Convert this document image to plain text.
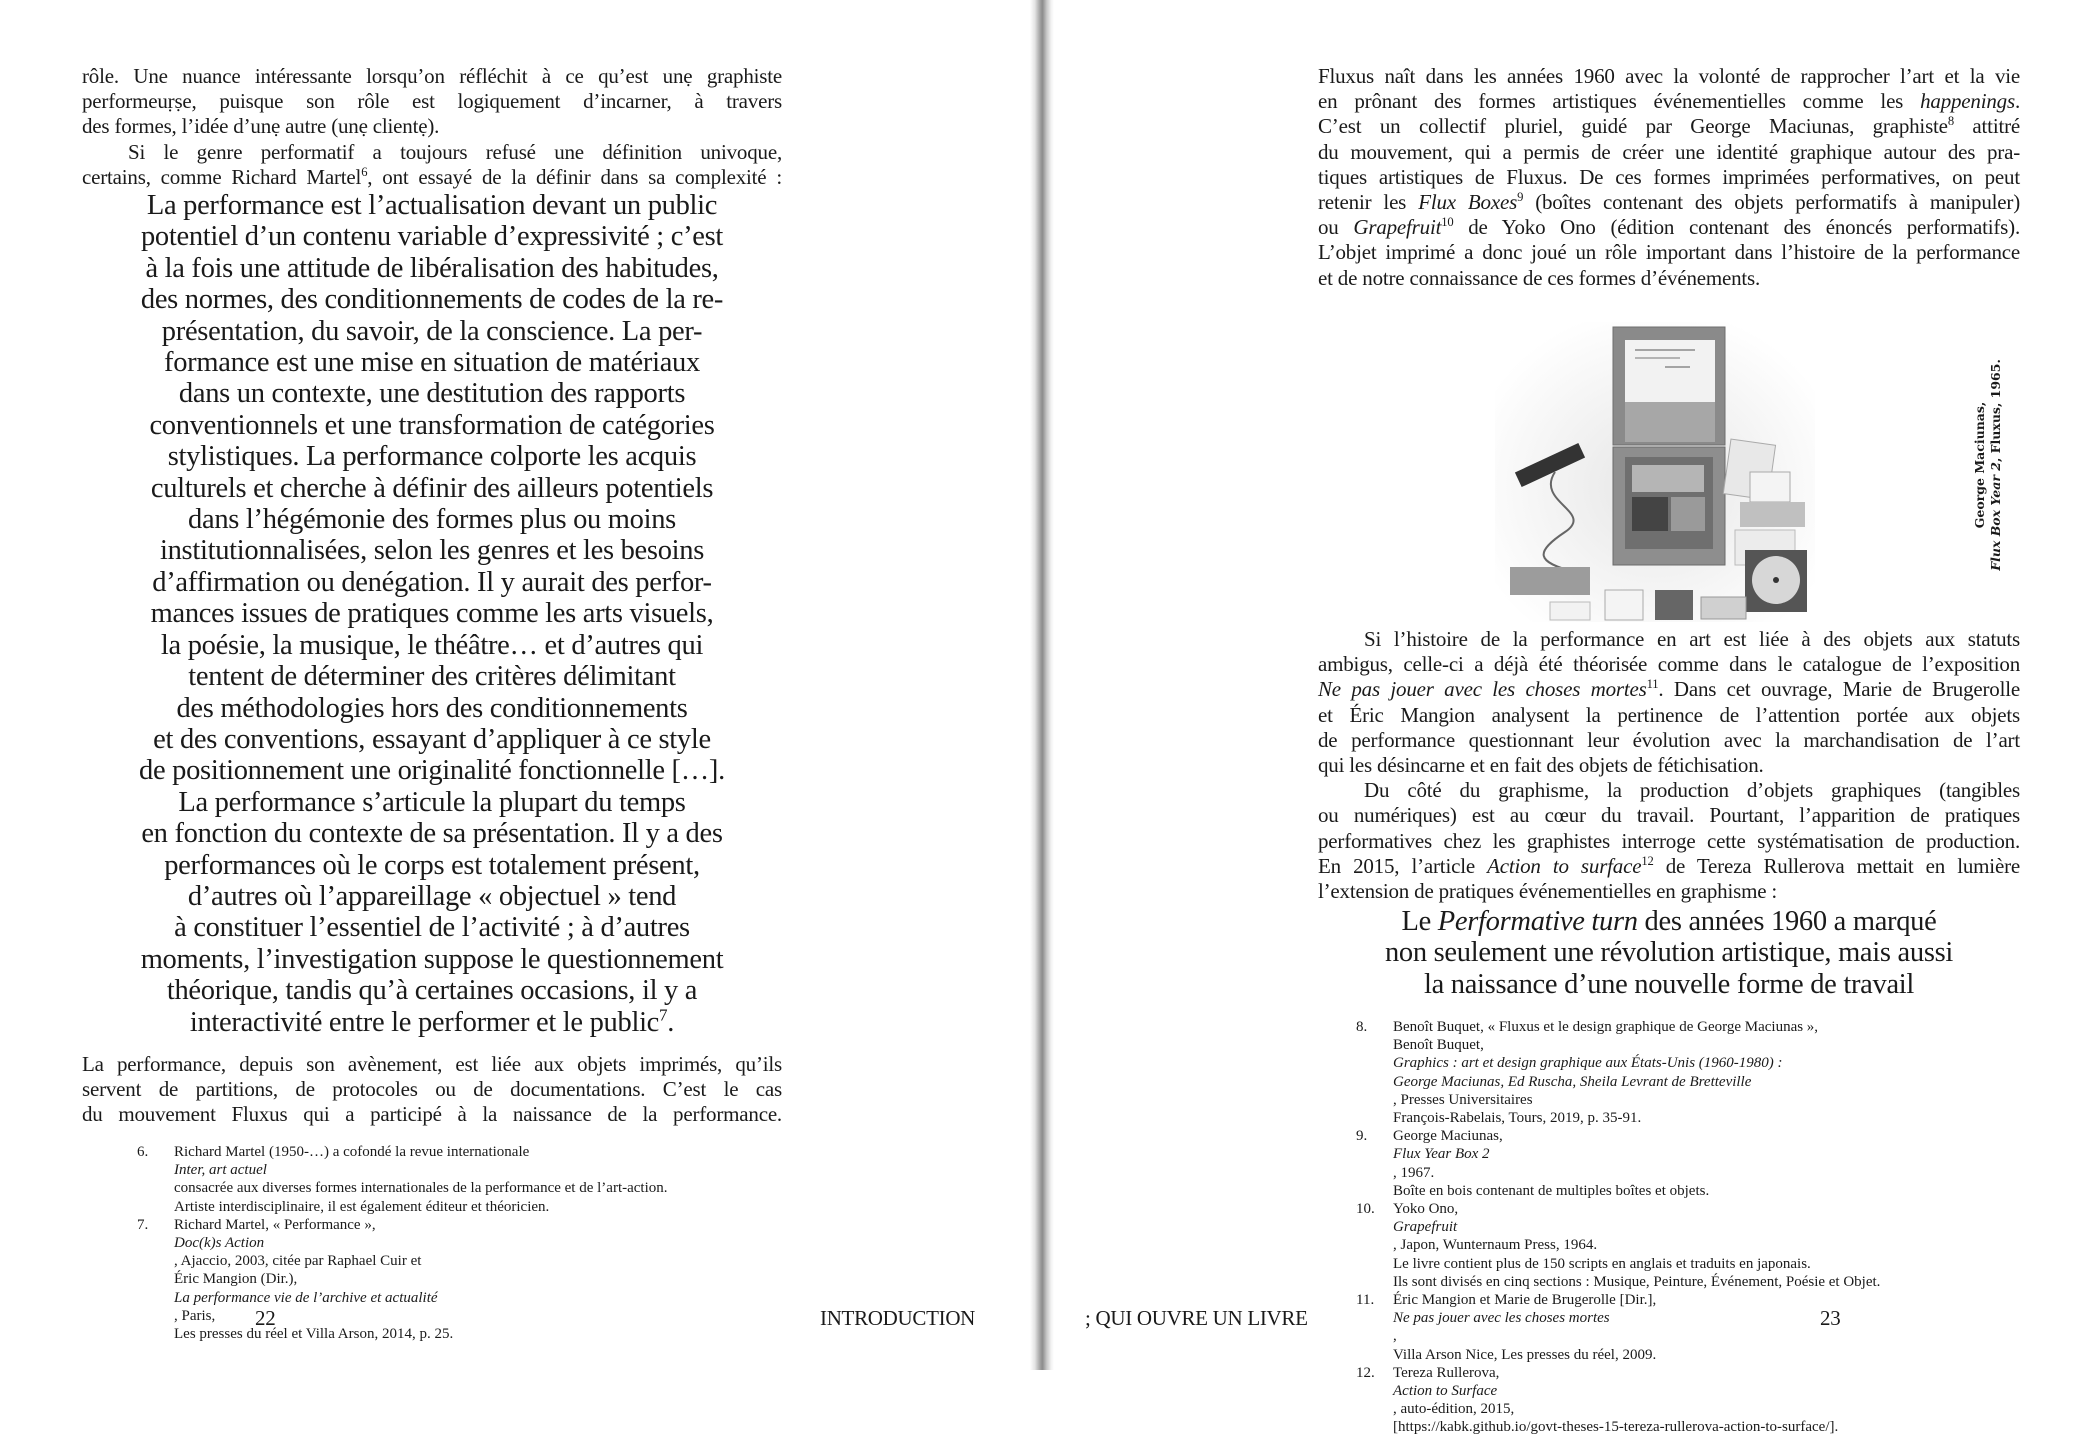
rôle. Une nuance intéressante lorsqu’on réfléchit à ce qu’est unẹ graphiste
performeuṛṣe, puisque son rôle est logiquement d’incarner, à travers
des formes, l’idée d’unẹ autre (unẹ clientẹ).
Si le genre performatif a toujours refusé une définition univoque,
certains, comme Richard Martel$^6$, ont essayé de la définir dans sa complexité :
La performance est l’actualisation devant un public
potentiel d’un contenu variable d’expressivité ; c’est
à la fois une attitude de libéralisation des habitudes,
des normes, des conditionnements de codes de la re-
présentation, du savoir, de la conscience. La per-
formance est une mise en situation de matériaux
dans un contexte, une destitution des rapports
conventionnels et une transformation de catégories
stylistiques. La performance colporte les acquis
culturels et cherche à définir des ailleurs potentiels
dans l’hégémonie des formes plus ou moins
institutionnalisées, selon les genres et les besoins
d’affirmation ou denégation. Il y aurait des perfor-
mances issues de pratiques comme les arts visuels,
la poésie, la musique, le théâtre… et d’autres qui
tentent de déterminer des critères délimitant
des méthodologies hors des conditionnements
et des conventions, essayant d’appliquer à ce style
de positionnement une originalité fonctionnelle […].
La performance s’articule la plupart du temps
en fonction du contexte de sa présentation. Il y a des
performances où le corps est totalement présent,
d’autres où l’appareillage « objectuel » tend
à constituer l’essentiel de l’activité ; à d’autres
moments, l’investigation suppose le questionnement
théorique, tandis qu’à certaines occasions, il y a
interactivité entre le performer et le public$^7$.
La performance, depuis son avènement, est liée aux objets imprimés, qu’ils
servent de partitions, de protocoles ou de documentations. C’est le cas
du mouvement Fluxus qui a participé à la naissance de la performance.
6.	Richard Martel (1950-…) a cofondé la revue internationale
Inter, art actuel
consacrée aux diverses formes internationales de la performance et de l’art-action.
Artiste interdisciplinaire, il est également éditeur et théoricien.
7.	Richard Martel, « Performance »,
Doc(k)s Action
, Ajaccio, 2003, citée par Raphael Cuir et
Éric Mangion (Dir.),
La performance vie de l’archive et actualité
, Paris,
Les presses du réel et Villa Arson, 2014, p. 25.
22	INTRODUCTION
Fluxus naît dans les années 1960 avec la volonté de rapprocher l’art et la vie
en prônant des formes artistiques événementielles comme les happenings.
C’est un collectif pluriel, guidé par George Maciunas, graphiste$^8$ attitré
du mouvement, qui a permis de créer une identité graphique autour des pra-
tiques artistiques de Fluxus. De ces formes imprimées performatives, on peut
retenir les Flux Boxes$^9$ (boîtes contenant des objets performatifs à manipuler)
ou Grapefruit$^{10}$ de Yoko Ono (édition contenant des énoncés performatifs).
L’objet imprimé a donc joué un rôle important dans l’histoire de la performance
et de notre connaissance de ces formes d’événements.
George Maciunas, Flux Box Year 2, Fluxus, 1965.
Si l’histoire de la performance en art est liée à des objets aux statuts
ambigus, celle-ci a déjà été théorisée comme dans le catalogue de l’exposition
Ne pas jouer avec les choses mortes$^{11}$. Dans cet ouvrage, Marie de Brugerolle
et Éric Mangion analysent la pertinence de l’attention portée aux objets
de performance questionnant leur évolution avec la marchandisation de l’art
qui les désincarne et en fait des objets de fétichisation.
Du côté du graphisme, la production d’objets graphiques (tangibles
ou numériques) est au cœur du travail. Pourtant, l’apparition de pratiques
performatives chez les graphistes interroge cette systématisation de production.
En 2015, l’article Action to surface$^{12}$ de Tereza Rullerova mettait en lumière
l’extension de pratiques événementielles en graphisme :
Le Performative turn des années 1960 a marqué
non seulement une révolution artistique, mais aussi
la naissance d’une nouvelle forme de travail
8.	Benoît Buquet, « Fluxus et le design graphique de George Maciunas »,
Benoît Buquet,
Graphics : art et design graphique aux États-Unis (1960-1980) :
George Maciunas, Ed Ruscha, Sheila Levrant de Bretteville
, Presses Universitaires
François-Rabelais, Tours, 2019, p. 35-91.
9.	George Maciunas,
Flux Year Box 2
, 1967.
Boîte en bois contenant de multiples boîtes et objets.
10.	Yoko Ono,
Grapefruit
, Japon, Wunternaum Press, 1964.
Le livre contient plus de 150 scripts en anglais et traduits en japonais.
Ils sont divisés en cinq sections : Musique, Peinture, Événement, Poésie et Objet.
11.	Éric Mangion et Marie de Brugerolle [Dir.],
Ne pas jouer avec les choses mortes
,
Villa Arson Nice, Les presses du réel, 2009.
12.	Tereza Rullerova,
Action to Surface
, auto-édition, 2015,
[https://kabk.github.io/govt-theses-15-tereza-rullerova-action-to-surface/].
; QUI OUVRE UN LIVRE	23
